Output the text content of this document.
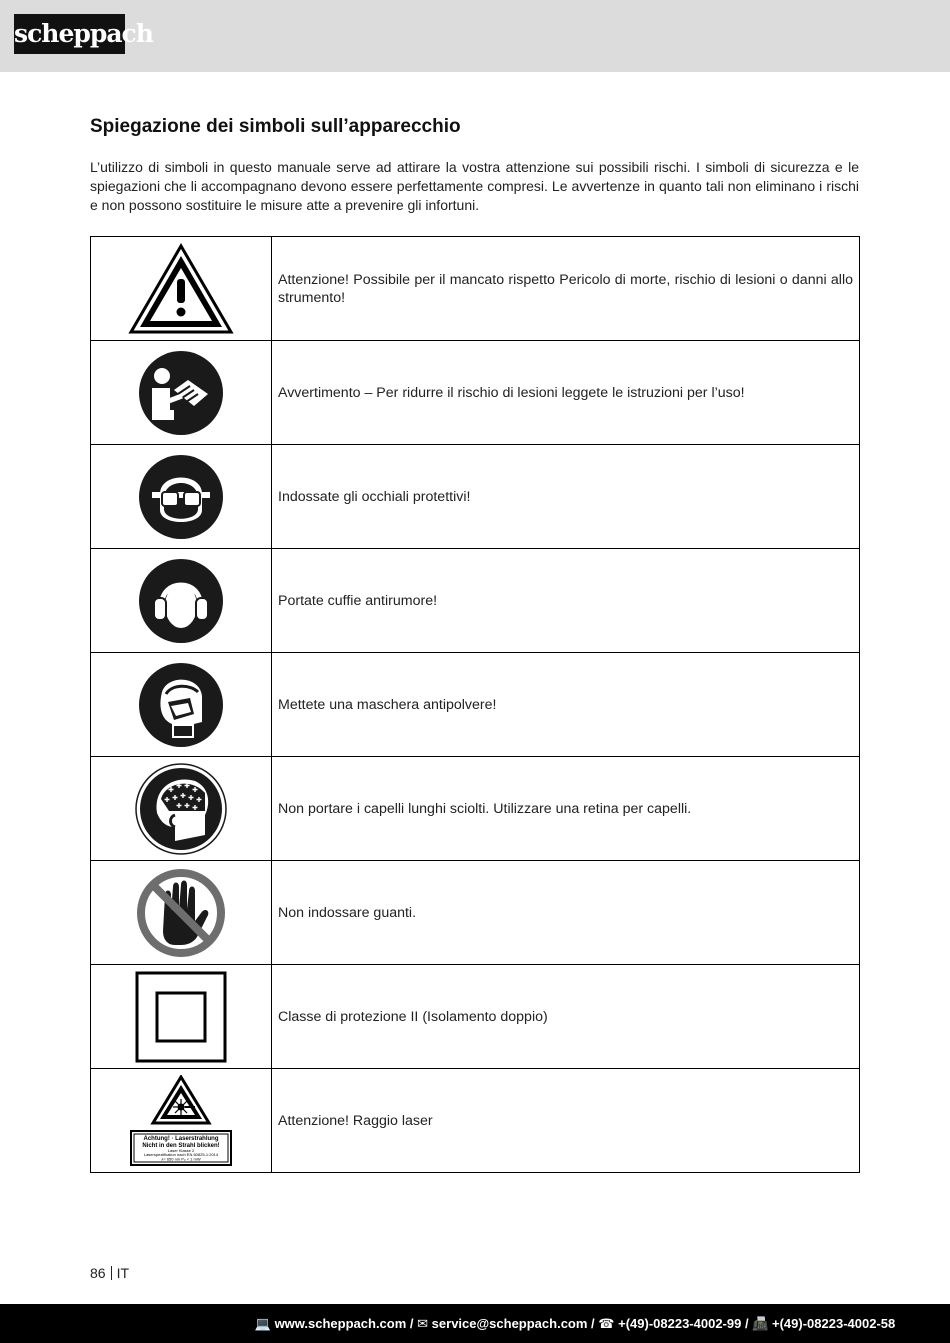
scheppach
Spiegazione dei simboli sull’apparecchio

L’utilizzo di simboli in questo manuale serve ad attirare la vostra attenzione sui possibili rischi. I simboli di sicurezza e le spiegazioni che li accompagnano devono essere perfettamente compresi. Le avvertenze in quanto tali non eliminano i rischi e non possono sostituire le misure atte a prevenire gli infortuni.

	Attenzione! Possibile per il mancato rispetto Pericolo di morte, rischio di lesioni o danni allo strumento!

	Avvertimento – Per ridurre il rischio di lesioni leggete le istruzioni per l’uso!

	Indossate gli occhiali protettivi!

	Portate cuffie antirumore!

	Mettete una maschera antipolvere!

	Non portare i capelli lunghi sciolti. Utilizzare una retina per capelli.

	Non indossare guanti.

	Classe di protezione II (Isolamento doppio)

Achtung! · Laserstrahlung
Nicht in den Strahl blicken!
Laser Klasse 2
Laserspezifikation nach EN 60825-1:2014
λ= 650 nm P₀ < 1 mW	Attenzione! Raggio laser
86 IT
💻 www.scheppach.com / ✉ service@scheppach.com / ☎ +(49)-08223-4002-99 / 📠 +(49)-08223-4002-58
